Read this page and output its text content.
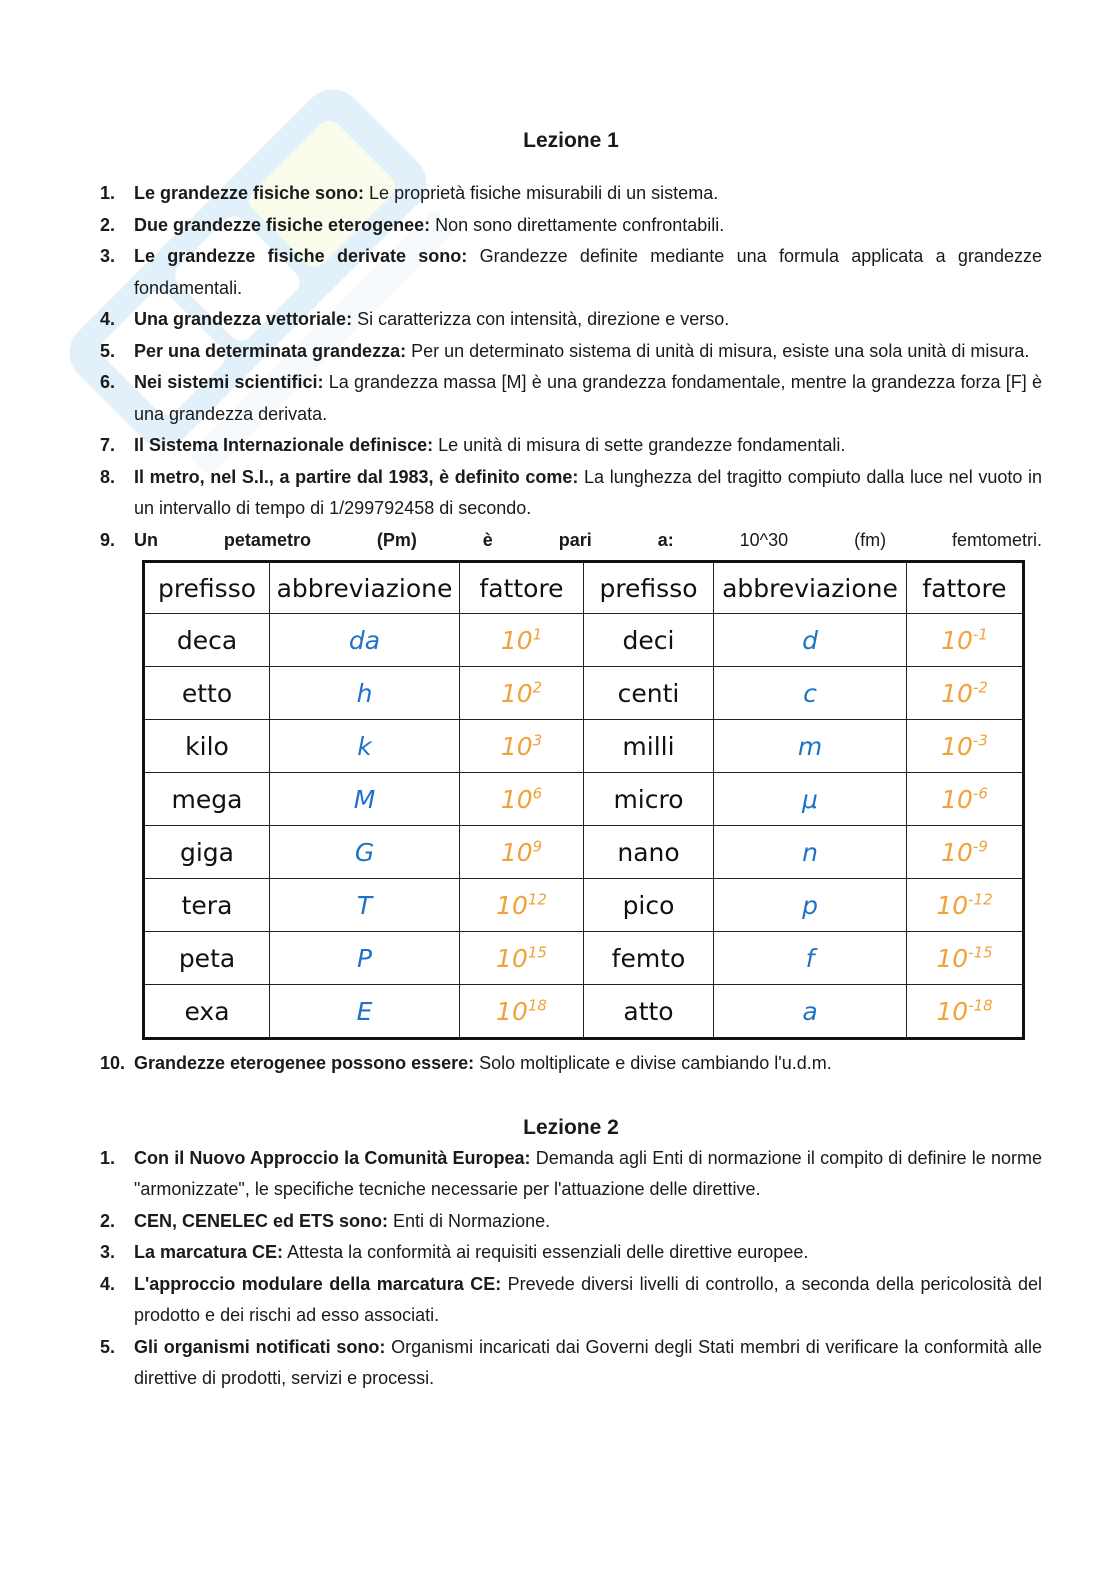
Lezione 1
1. Le grandezze fisiche sono: Le proprietà fisiche misurabili di un sistema.
2. Due grandezze fisiche eterogenee: Non sono direttamente confrontabili.
3. Le grandezze fisiche derivate sono: Grandezze definite mediante una formula applicata a grandezze fondamentali.
4. Una grandezza vettoriale: Si caratterizza con intensità, direzione e verso.
5. Per una determinata grandezza: Per un determinato sistema di unità di misura, esiste una sola unità di misura.
6. Nei sistemi scientifici: La grandezza massa [M] è una grandezza fondamentale, mentre la grandezza forza [F] è una grandezza derivata.
7. Il Sistema Internazionale definisce: Le unità di misura di sette grandezze fondamentali.
8. Il metro, nel S.I., a partire dal 1983, è definito come: La lunghezza del tragitto compiuto dalla luce nel vuoto in un intervallo di tempo di 1/299792458 di secondo.
9. Un petametro (Pm) è pari a: 10^30 (fm) femtometri.
prefisso	abbreviazione	fattore	prefisso	abbreviazione	fattore
deca	da	$10^1$	deci	d	$10^{-1}$
etto	h	$10^2$	centi	c	$10^{-2}$
kilo	k	$10^3$	milli	m	$10^{-3}$
mega	M	$10^6$	micro	μ	$10^{-6}$
giga	G	$10^9$	nano	n	$10^{-9}$
tera	T	$10^{12}$	pico	p	$10^{-12}$
peta	P	$10^{15}$	femto	f	$10^{-15}$
exa	E	$10^{18}$	atto	a	$10^{-18}$
10. Grandezze eterogenee possono essere: Solo moltiplicate e divise cambiando l'u.d.m.
Lezione 2
1. Con il Nuovo Approccio la Comunità Europea: Demanda agli Enti di normazione il compito di definire le norme "armonizzate", le specifiche tecniche necessarie per l'attuazione delle direttive.
2. CEN, CENELEC ed ETS sono: Enti di Normazione.
3. La marcatura CE: Attesta la conformità ai requisiti essenziali delle direttive europee.
4. L'approccio modulare della marcatura CE: Prevede diversi livelli di controllo, a seconda della pericolosità del prodotto e dei rischi ad esso associati.
5. Gli organismi notificati sono: Organismi incaricati dai Governi degli Stati membri di verificare la conformità alle direttive di prodotti, servizi e processi.
